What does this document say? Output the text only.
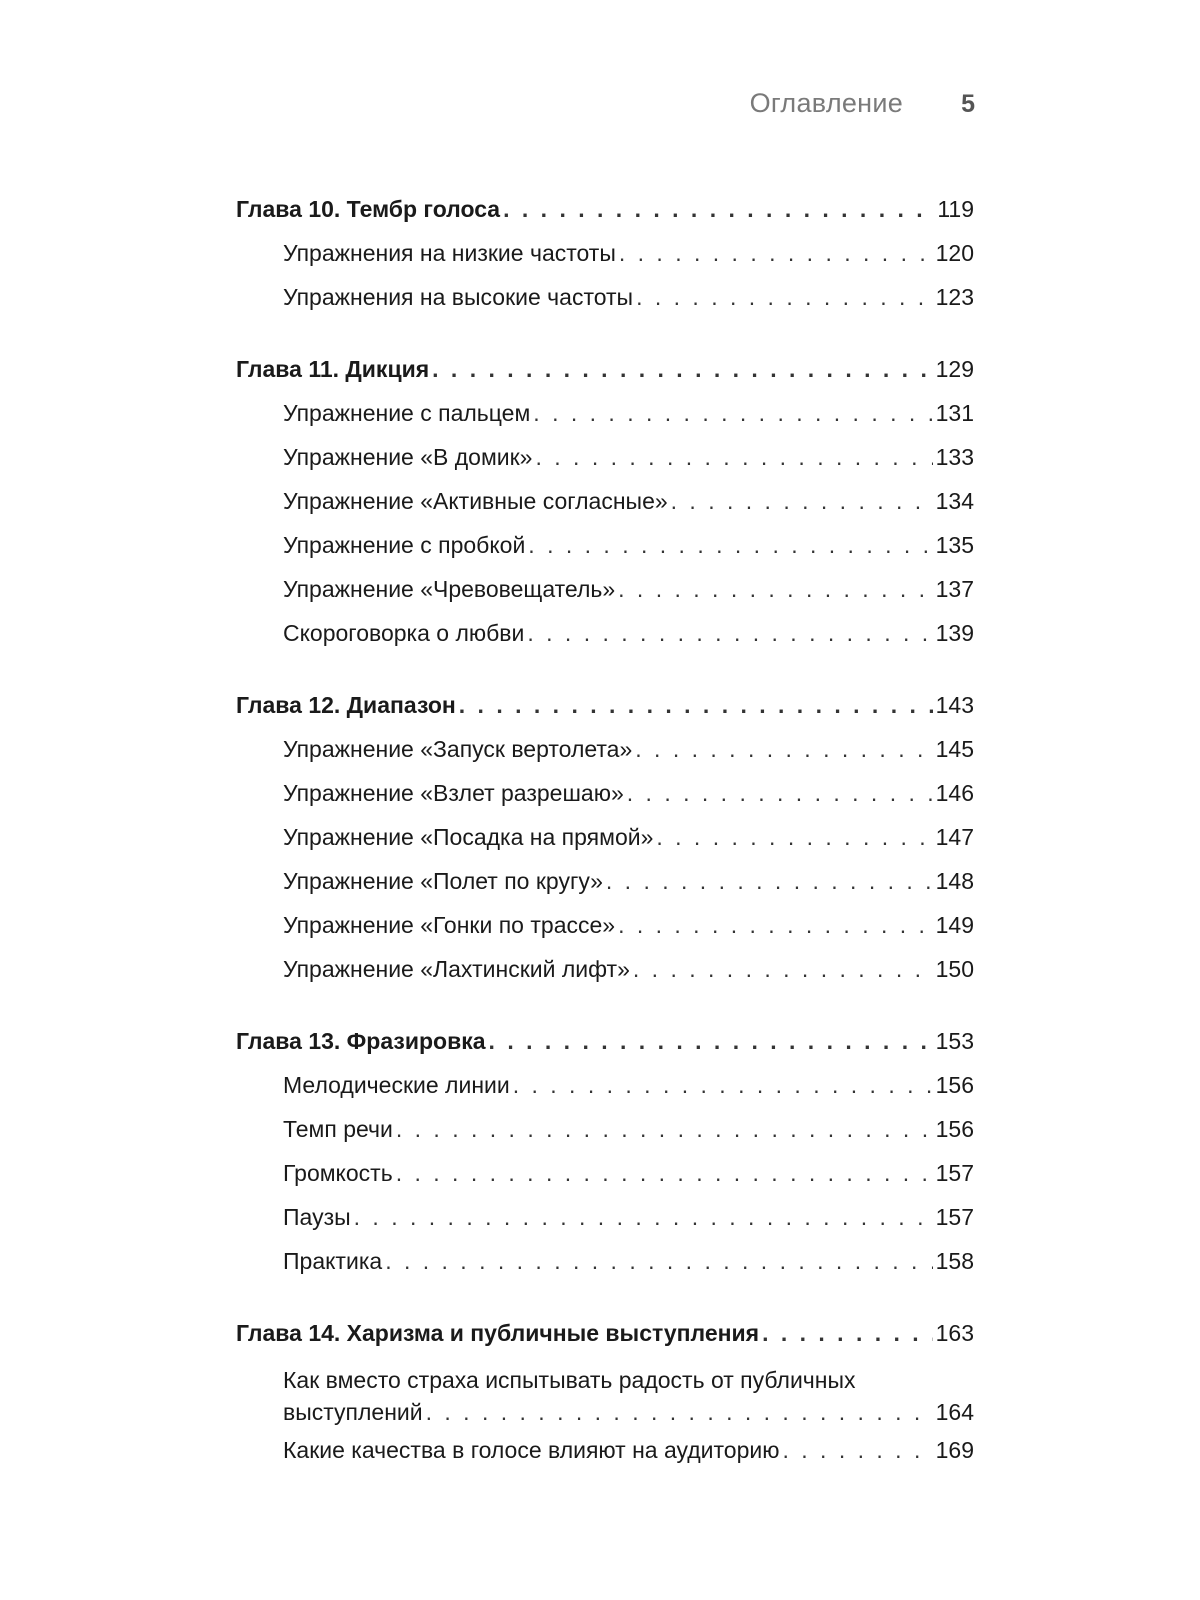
Оглавление 5
Глава 10. Тембр голоса . . .	119
Упражнения на низкие частоты . . .	120
Упражнения на высокие частоты . . .	123
Глава 11. Дикция . . .	129
Упражнение с пальцем . . .	131
Упражнение «В домик» . . .	133
Упражнение «Активные согласные» . . .	134
Упражнение с пробкой . . .	135
Упражнение «Чревовещатель» . . .	137
Скороговорка о любви . . .	139
Глава 12. Диапазон . . .	143
Упражнение «Запуск вертолета» . . .	145
Упражнение «Взлет разрешаю» . . .	146
Упражнение «Посадка на прямой» . . .	147
Упражнение «Полет по кругу» . . .	148
Упражнение «Гонки по трассе» . . .	149
Упражнение «Лахтинский лифт» . . .	150
Глава 13. Фразировка . . .	153
Мелодические линии . . .	156
Темп речи . . .	156
Громкость . . .	157
Паузы . . .	157
Практика . . .	158
Глава 14. Харизма и публичные выступления . . .	163
Как вместо страха испытывать радость от публичных
выступлений . . .	164
Какие качества в голосе влияют на аудиторию . . .	169
